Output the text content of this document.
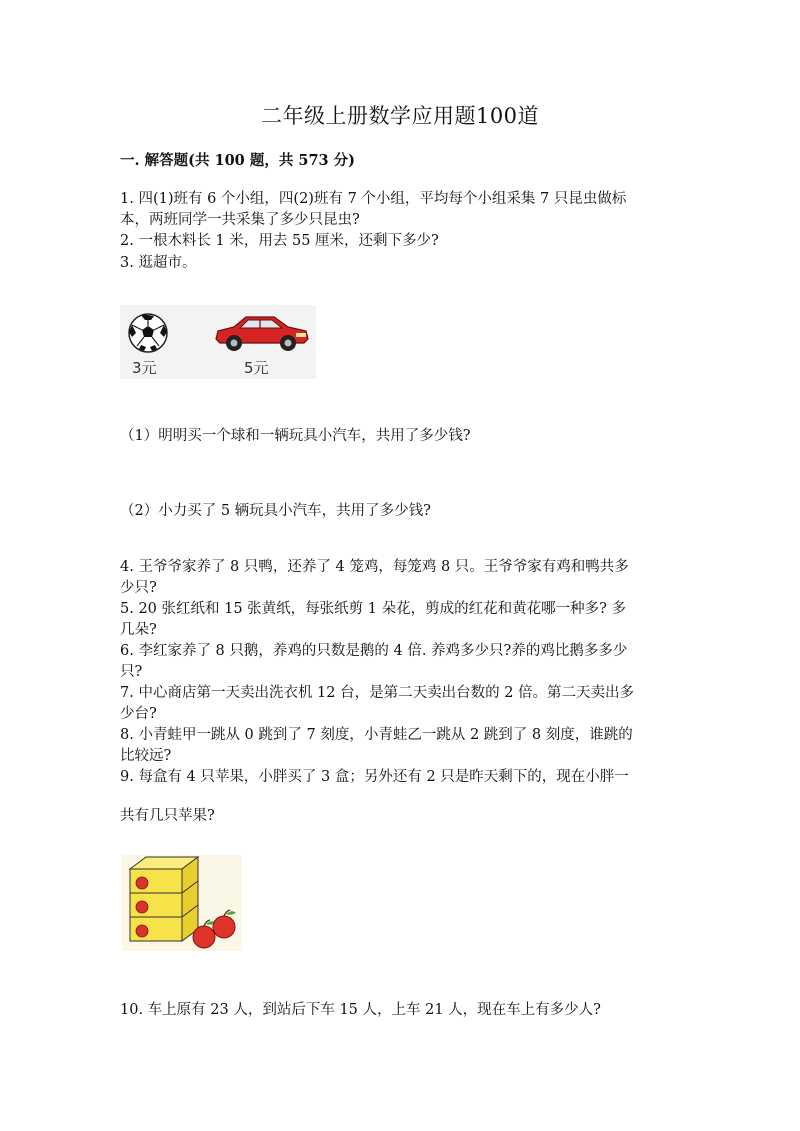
二年级上册数学应用题100道
一. 解答题(共 100 题，共 573 分)
1. 四(1)班有 6 个小组，四(2)班有 7 个小组，平均每个小组采集 7 只昆虫做标
本，两班同学一共采集了多少只昆虫?
2. 一根木料长 1 米，用去 55 厘米，还剩下多少?
3. 逛超市。
3元	5元
（1）明明买一个球和一辆玩具小汽车，共用了多少钱?
（2）小力买了 5 辆玩具小汽车，共用了多少钱?
4. 王爷爷家养了 8 只鸭，还养了 4 笼鸡，每笼鸡 8 只。王爷爷家有鸡和鸭共多
少只?
5. 20 张红纸和 15 张黄纸，每张纸剪 1 朵花，剪成的红花和黄花哪一种多? 多
几朵?
6. 李红家养了 8 只鹅，养鸡的只数是鹅的 4 倍. 养鸡多少只?养的鸡比鹅多多少
只?
7. 中心商店第一天卖出洗衣机 12 台，是第二天卖出台数的 2 倍。第二天卖出多
少台?
8. 小青蛙甲一跳从 0 跳到了 7 刻度，小青蛙乙一跳从 2 跳到了 8 刻度，谁跳的
比较远?
9. 每盒有 4 只苹果，小胖买了 3 盒；另外还有 2 只是昨天剩下的，现在小胖一
共有几只苹果?
10. 车上原有 23 人，到站后下车 15 人，上车 21 人，现在车上有多少人?
